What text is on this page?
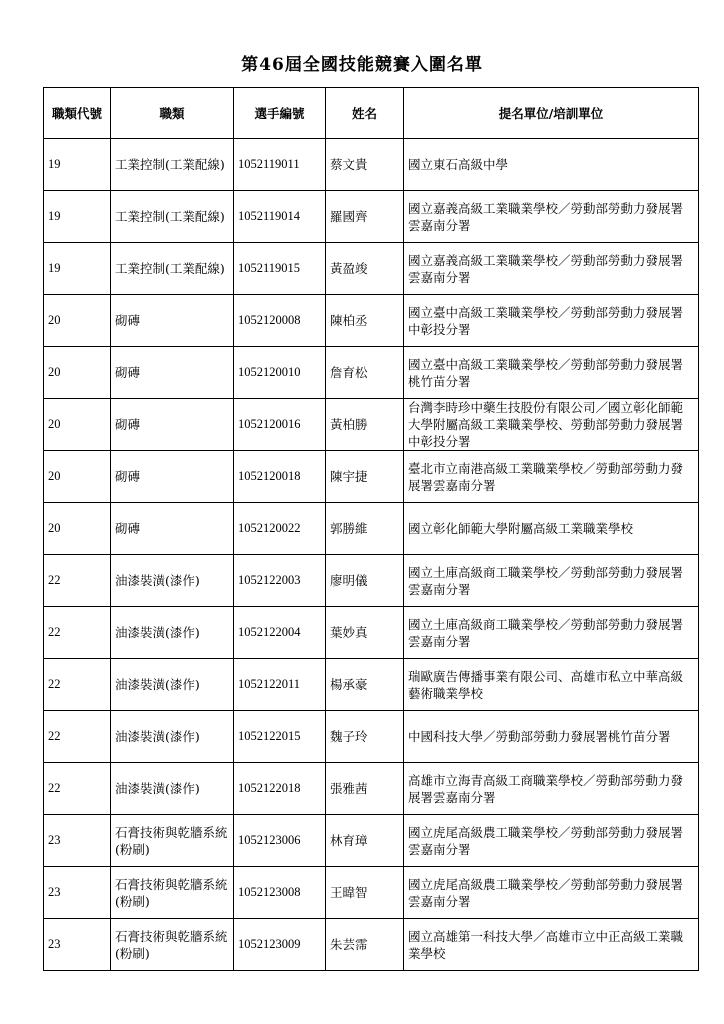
第46屆全國技能競賽入圍名單
職類代號	職類	選手編號	姓名	提名單位/培訓單位
19	工業控制(工業配線)	1052119011	蔡文貴	國立東石高級中學
19	工業控制(工業配線)	1052119014	羅國齊	國立嘉義高級工業職業學校／勞動部勞動力發展署雲嘉南分署
19	工業控制(工業配線)	1052119015	黃盈竣	國立嘉義高級工業職業學校／勞動部勞動力發展署雲嘉南分署
20	砌磚	1052120008	陳柏丞	國立臺中高級工業職業學校／勞動部勞動力發展署中彰投分署
20	砌磚	1052120010	詹育松	國立臺中高級工業職業學校／勞動部勞動力發展署桃竹苗分署
20	砌磚	1052120016	黃柏勝	台灣李時珍中藥生技股份有限公司／國立彰化師範大學附屬高級工業職業學校、勞動部勞動力發展署中彰投分署
20	砌磚	1052120018	陳宇捷	臺北市立南港高級工業職業學校／勞動部勞動力發展署雲嘉南分署
20	砌磚	1052120022	郭勝維	國立彰化師範大學附屬高級工業職業學校
22	油漆裝潢(漆作)	1052122003	廖明儀	國立土庫高級商工職業學校／勞動部勞動力發展署雲嘉南分署
22	油漆裝潢(漆作)	1052122004	葉妙真	國立土庫高級商工職業學校／勞動部勞動力發展署雲嘉南分署
22	油漆裝潢(漆作)	1052122011	楊承豪	瑞歐廣告傳播事業有限公司、高雄市私立中華高級藝術職業學校
22	油漆裝潢(漆作)	1052122015	魏子玲	中國科技大學／勞動部勞動力發展署桃竹苗分署
22	油漆裝潢(漆作)	1052122018	張雅茜	高雄市立海青高級工商職業學校／勞動部勞動力發展署雲嘉南分署
23	石膏技術與乾牆系統(粉刷)	1052123006	林育璋	國立虎尾高級農工職業學校／勞動部勞動力發展署雲嘉南分署
23	石膏技術與乾牆系統(粉刷)	1052123008	王暐智	國立虎尾高級農工職業學校／勞動部勞動力發展署雲嘉南分署
23	石膏技術與乾牆系統(粉刷)	1052123009	朱芸霈	國立高雄第一科技大學／高雄市立中正高級工業職業學校
